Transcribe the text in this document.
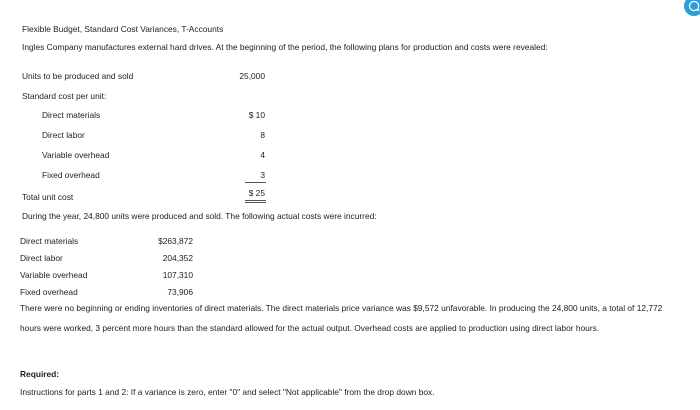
Flexible Budget, Standard Cost Variances, T-Accounts
Ingles Company manufactures external hard drives. At the beginning of the period, the following plans for production and costs were revealed:
Units to be produced and sold	25,000
Standard cost per unit:
Direct materials	$ 10
Direct labor	8
Variable overhead	4
Fixed overhead	3
Total unit cost	$ 25
During the year, 24,800 units were produced and sold. The following actual costs were incurred:
Direct materials	$263,872
Direct labor	204,352
Variable overhead	107,310
Fixed overhead	73,906
There were no beginning or ending inventories of direct materials. The direct materials price variance was $9,572 unfavorable. In producing the 24,800 units, a total of 12,772 hours were worked, 3 percent more hours than the standard allowed for the actual output. Overhead costs are applied to production using direct labor hours.
Required:
Instructions for parts 1 and 2: If a variance is zero, enter "0" and select "Not applicable" from the drop down box.
